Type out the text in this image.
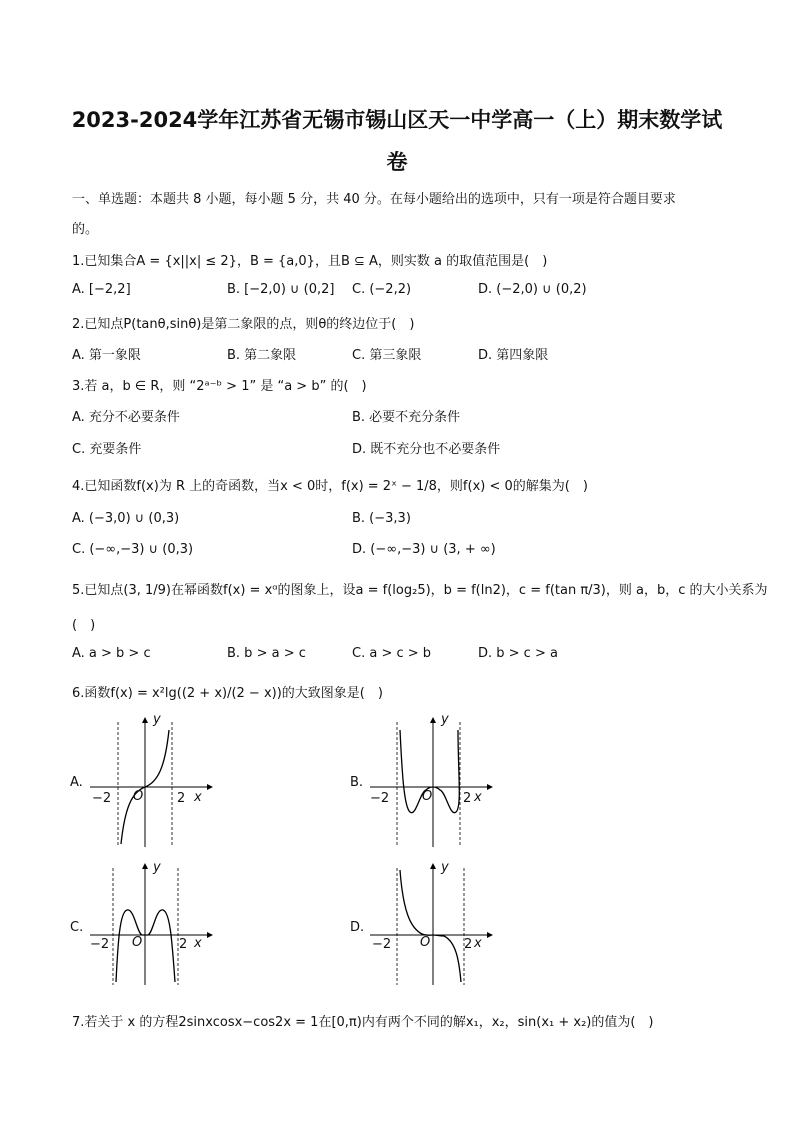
2023-2024学年江苏省无锡市锡山区天一中学高一（上）期末数学试
卷
一、单选题：本题共 8 小题，每小题 5 分，共 40 分。在每小题给出的选项中，只有一项是符合题目要求
的。
1.已知集合A = {x||x| ≤ 2}，B = {a,0}，且B ⊆ A，则实数 a 的取值范围是(　)
A. [−2,2]	B. [−2,0) ∪ (0,2] C. (−2,2)	D. (−2,0) ∪ (0,2)
2.已知点P(tanθ,sinθ)是第二象限的点，则θ的终边位于(　)
A. 第一象限	B. 第二象限	C. 第三象限	D. 第四象限
3.若 a，b ∈ R，则 “2ᵃ⁻ᵇ > 1” 是 “a > b” 的(　)
A. 充分不必要条件	B. 必要不充分条件
C. 充要条件	D. 既不充分也不必要条件
4.已知函数f(x)为 R 上的奇函数，当x < 0时，f(x) = 2ˣ − 1/8，则f(x) < 0的解集为(　)
A. (−3,0) ∪ (0,3)	B. (−3,3)
C. (−∞,−3) ∪ (0,3)	D. (−∞,−3) ∪ (3, + ∞)
5.已知点(3, 1/9)在幂函数f(x) = xᵅ的图象上，设a = f(log₂5)，b = f(ln2)，c = f(tan π/3)，则 a，b，c 的大小关系为
(　)
A. a > b > c	B. b > a > c	C. a > c > b	D. b > c > a
6.函数f(x) = x²lg((2 + x)/(2 − x))的大致图象是(　)
A.
y
x
O
−2	2
B.
y
x
O
−2	2
C.
y
x
O
−2	2
D.
y
x
O
−2	2
7.若关于 x 的方程2sinxcosx−cos2x = 1在[0,π)内有两个不同的解x₁，x₂，sin(x₁ + x₂)的值为(　)
